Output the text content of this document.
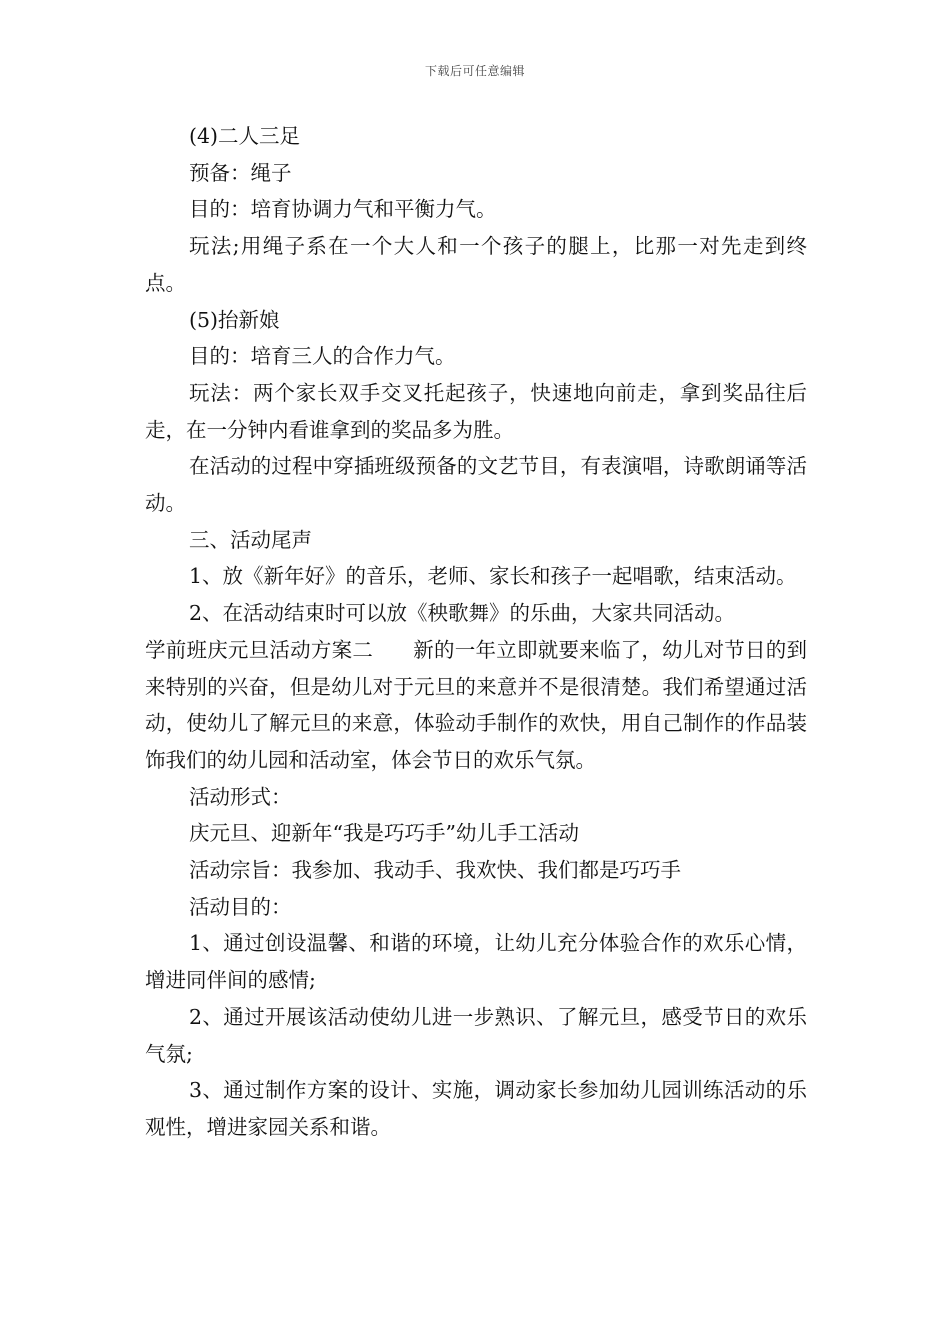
下载后可任意编辑

(4)二人三足

预备：绳子

目的：培育协调力气和平衡力气。

玩法;用绳子系在一个大人和一个孩子的腿上，比那一对先走到终点。

(5)抬新娘

目的：培育三人的合作力气。

玩法：两个家长双手交叉托起孩子，快速地向前走，拿到奖品往后走，在一分钟内看谁拿到的奖品多为胜。

在活动的过程中穿插班级预备的文艺节目，有表演唱，诗歌朗诵等活动。

三、活动尾声

1、放《新年好》的音乐，老师、家长和孩子一起唱歌，结束活动。

2、在活动结束时可以放《秧歌舞》的乐曲，大家共同活动。

学前班庆元旦活动方案二 新的一年立即就要来临了，幼儿对节日的到来特别的兴奋，但是幼儿对于元旦的来意并不是很清楚。我们希望通过活动，使幼儿了解元旦的来意，体验动手制作的欢快，用自己制作的作品装饰我们的幼儿园和活动室，体会节日的欢乐气氛。

活动形式：

庆元旦、迎新年“我是巧巧手”幼儿手工活动

活动宗旨：我参加、我动手、我欢快、我们都是巧巧手

活动目的：

1、通过创设温馨、和谐的环境，让幼儿充分体验合作的欢乐心情，增进同伴间的感情;

2、通过开展该活动使幼儿进一步熟识、了解元旦，感受节日的欢乐气氛;

3、通过制作方案的设计、实施，调动家长参加幼儿园训练活动的乐观性，增进家园关系和谐。
